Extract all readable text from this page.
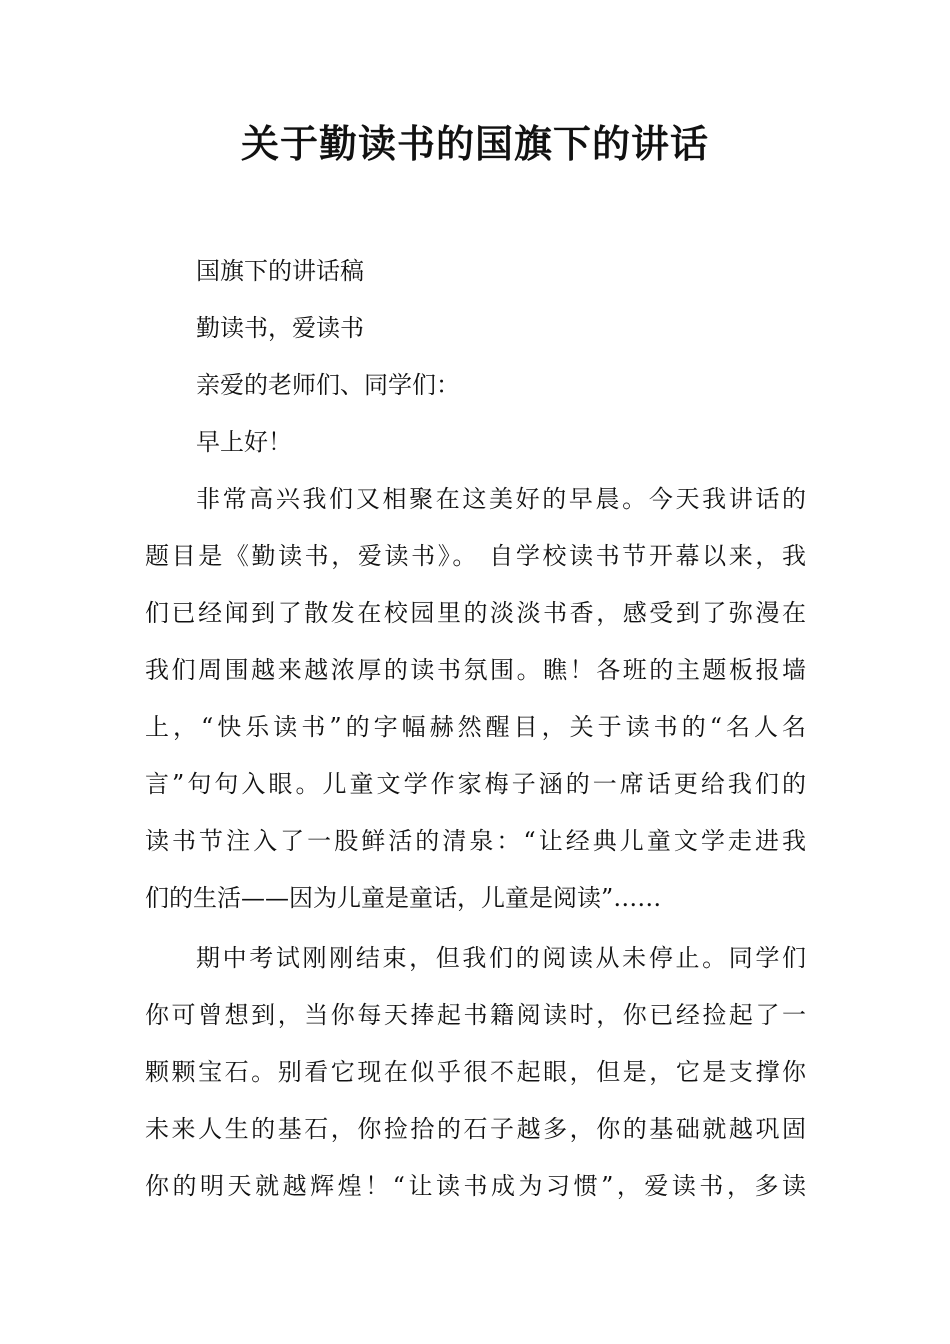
关于勤读书的国旗下的讲话

国旗下的讲话稿

勤读书，爱读书

亲爱的老师们、同学们：

早上好！

非常高兴我们又相聚在这美好的早晨。今天我讲话的

题目是《勤读书，爱读书》。 自学校读书节开幕以来，我

们已经闻到了散发在校园里的淡淡书香，感受到了弥漫在

我们周围越来越浓厚的读书氛围。瞧！各班的主题板报墙

上，“快乐读书”的字幅赫然醒目，关于读书的“名人名

言”句句入眼。儿童文学作家梅子涵的一席话更给我们的

读书节注入了一股鲜活的清泉：“让经典儿童文学走进我

们的生活——因为儿童是童话，儿童是阅读”……

期中考试刚刚结束，但我们的阅读从未停止。同学们

你可曾想到，当你每天捧起书籍阅读时，你已经捡起了一

颗颗宝石。别看它现在似乎很不起眼，但是，它是支撑你

未来人生的基石，你捡拾的石子越多，你的基础就越巩固

你的明天就越辉煌！“让读书成为习惯”，爱读书，多读
